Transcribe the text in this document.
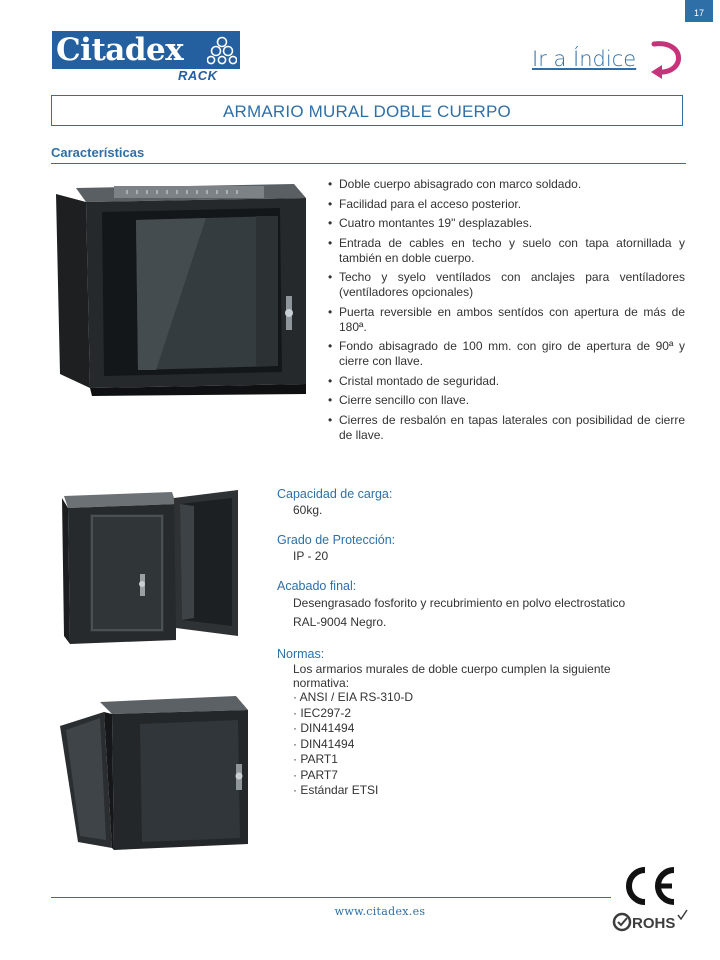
17
Citadex
RACK
Ir a Índice
ARMARIO MURAL DOBLE CUERPO
Características
• Doble cuerpo abisagrado con marco soldado.
• Facilidad para el acceso posterior.
• Cuatro montantes 19" desplazables.
• Entrada de cables en techo y suelo con tapa atornillada y también en doble cuerpo.
• Techo y syelo ventílados con anclajes para ventíladores (ventíladores opcionales)
• Puerta reversible en ambos sentídos con apertura de más de 180ª.
• Fondo abisagrado de 100 mm. con giro de apertura de 90ª y cierre con llave.
• Cristal montado de seguridad.
• Cierre sencillo con llave.
• Cierres de resbalón en tapas laterales con posibilidad de cierre de llave.
Capacidad de carga:
60kg.
Grado de Protección:
IP - 20
Acabado final:
Desengrasado fosforito y recubrimiento en polvo electrostatico
RAL-9004 Negro.
Normas:
Los armarios murales de doble cuerpo cumplen la siguiente normativa:
· ANSI / EIA RS-310-D
· IEC297-2
· DIN41494
· DIN41494
· PART1
· PART7
· Estándar ETSI
www.citadex.es
ROHS
